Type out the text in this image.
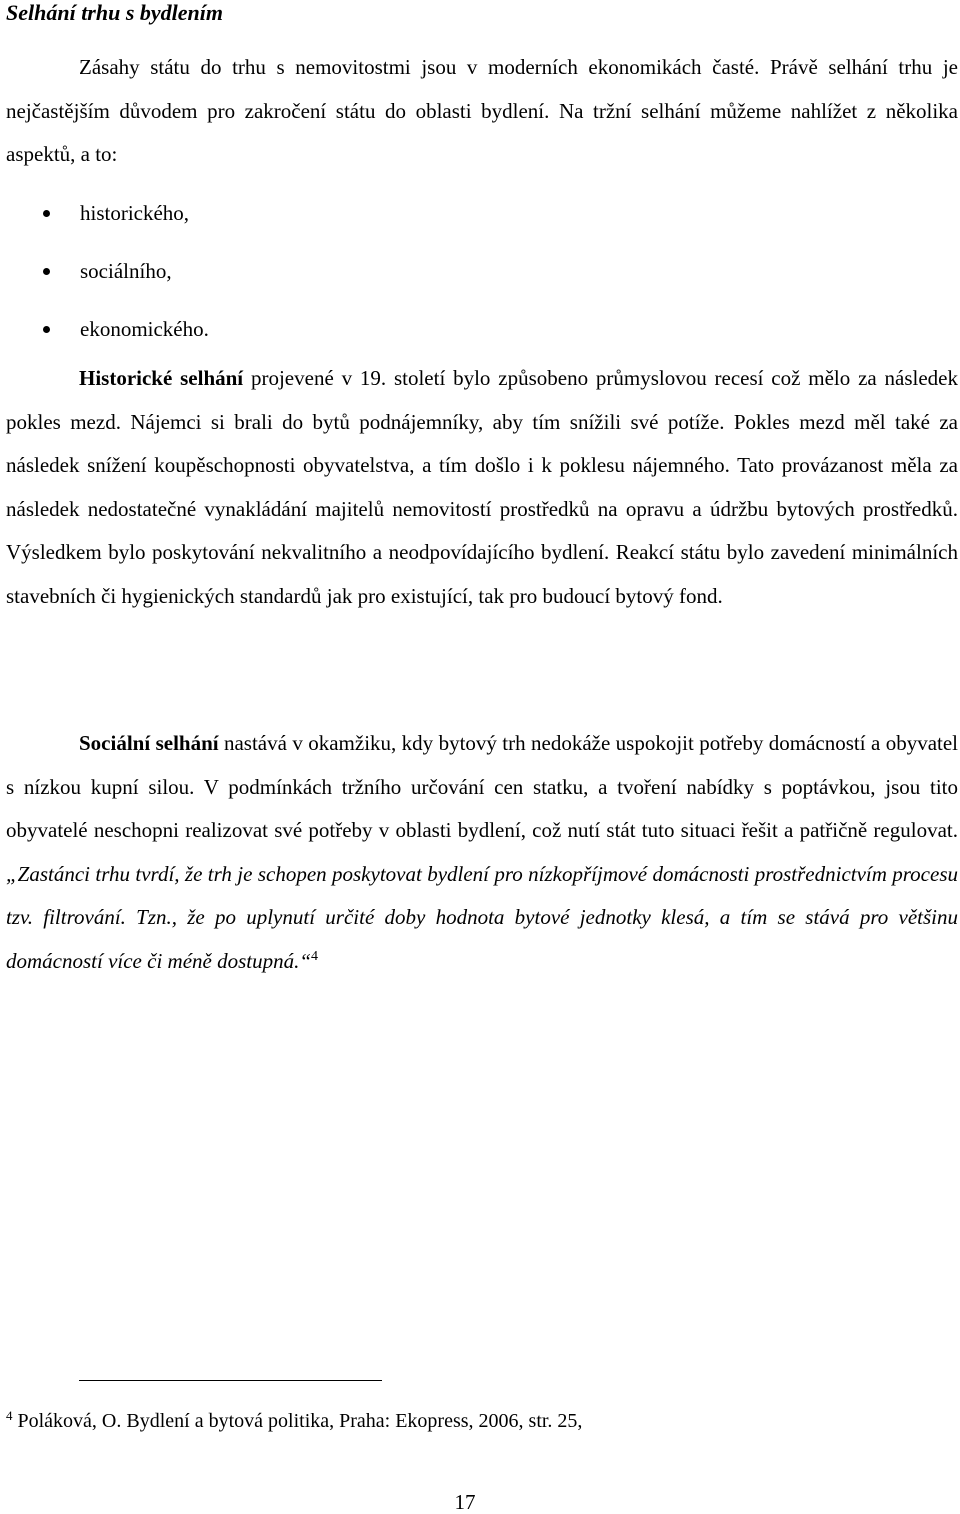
Selhání trhu s bydlením

Zásahy státu do trhu s nemovitostmi jsou v moderních ekonomikách časté. Právě selhání trhu je nejčastějším důvodem pro zakročení státu do oblasti bydlení. Na tržní selhání můžeme nahlížet z několika aspektů, a to:

historického,
sociálního,
ekonomického.

Historické selhání projevené v 19. století bylo způsobeno průmyslovou recesí což mělo za následek pokles mezd. Nájemci si brali do bytů podnájemníky, aby tím snížili své potíže. Pokles mezd měl také za následek snížení koupěschopnosti obyvatelstva, a tím došlo i k poklesu nájemného. Tato provázanost měla za následek nedostatečné vynakládání majitelů nemovitostí prostředků na opravu a údržbu bytových prostředků. Výsledkem bylo poskytování nekvalitního a neodpovídajícího bydlení. Reakcí státu bylo zavedení minimálních stavebních či hygienických standardů jak pro existující, tak pro budoucí bytový fond.

Sociální selhání nastává v okamžiku, kdy bytový trh nedokáže uspokojit potřeby domácností a obyvatel s nízkou kupní silou. V podmínkách tržního určování cen statku, a tvoření nabídky s poptávkou, jsou tito obyvatelé neschopni realizovat své potřeby v oblasti bydlení, což nutí stát tuto situaci řešit a patřičně regulovat. „Zastánci trhu tvrdí, že trh je schopen poskytovat bydlení pro nízkopříjmové domácnosti prostřednictvím procesu tzv. filtrování. Tzn., že po uplynutí určité doby hodnota bytové jednotky klesá, a tím se stává pro většinu domácností více či méně dostupná.“$^4$

$^4$ Poláková, O. Bydlení a bytová politika, Praha: Ekopress, 2006, str. 25,

17
